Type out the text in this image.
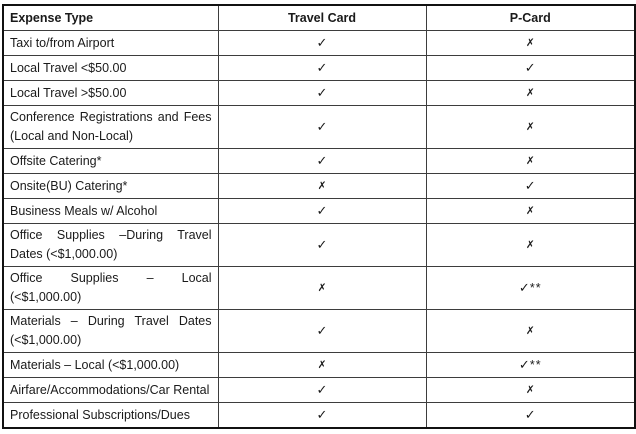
Expense Type	Travel Card	P-Card
Taxi to/from Airport	✓	✗
Local Travel <$50.00	✓	✓
Local Travel >$50.00	✓	✗
Conference Registrations and Fees (Local and Non-Local)	✓	✗
Offsite Catering*	✓	✗
Onsite(BU) Catering*	✗	✓
Business Meals w/ Alcohol	✓	✗
Office Supplies –During Travel Dates (<$1,000.00)	✓	✗
Office Supplies – Local (<$1,000.00)	✗	✓**
Materials – During Travel Dates (<$1,000.00)	✓	✗
Materials – Local (<$1,000.00)	✗	✓**
Airfare/Accommodations/Car Rental	✓	✗
Professional Subscriptions/Dues	✓	✓
